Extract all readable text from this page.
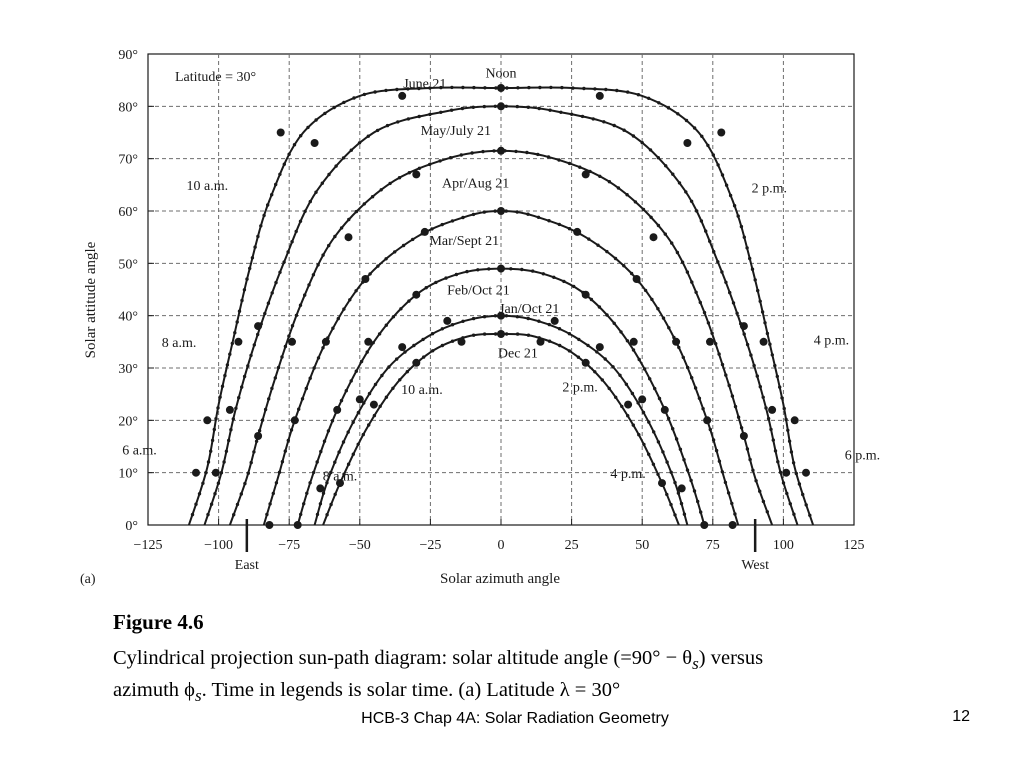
−125	−100	−75	−50	−25	0	25	50	75	100	125
0°
10°
20°
30°
40°
50°
60°
70°
80°
90°
Noon
June 21
May/July 21
Apr/Aug 21
Mar/Sept 21
Feb/Oct 21
Jan/Oct 21
Dec 21
10 a.m.	2 p.m.
8 a.m.	4 p.m.
10 a.m.	2 p.m.
6 a.m.	6 p.m.
8 a.m.	4 p.m.
Solar attitude angle
Solar azimuth angle
(a)
Latitude = 30°
East	West

Figure 4.6

Cylindrical projection sun-path diagram: solar altitude angle $(=90^\circ - \theta_s)$ versus
azimuth $\phi_s$. Time in legends is solar time. (a) Latitude λ = 30°

HCB-3 Chap 4A: Solar Radiation Geometry	12
